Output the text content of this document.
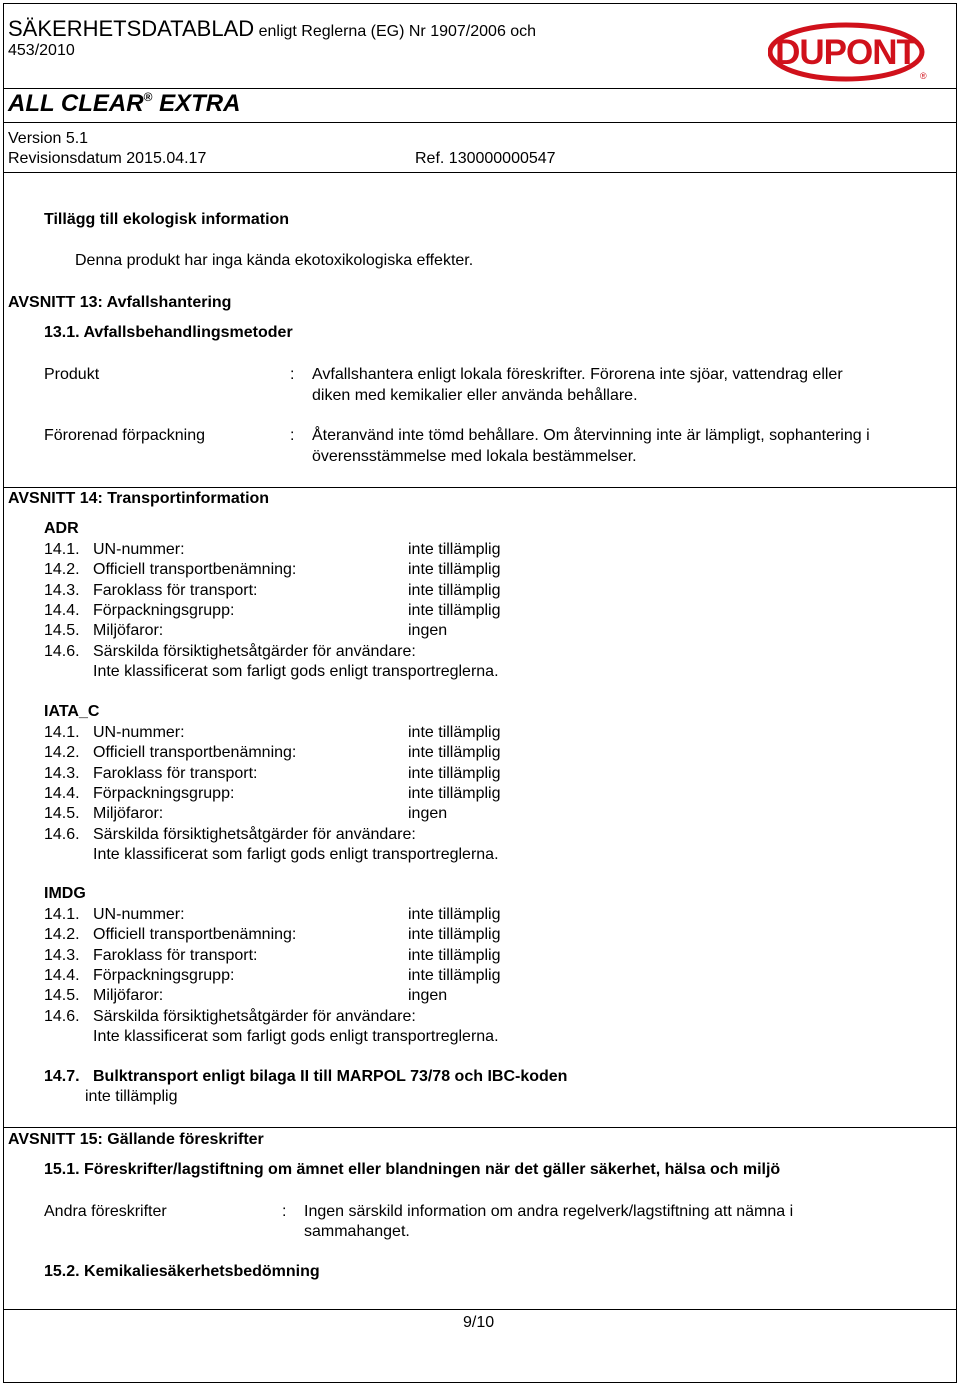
SÄKERHETSDATABLAD enligt Reglerna (EG) Nr 1907/2006 och
453/2010	DUPONT
®
ALL CLEAR® EXTRA
Version 5.1
Revisionsdatum 2015.04.17	Ref. 130000000547
Tillägg till ekologisk information
Denna produkt har inga kända ekotoxikologiska effekter.
AVSNITT 13: Avfallshantering
13.1. Avfallsbehandlingsmetoder
Produkt	: Avfallshantera enligt lokala föreskrifter. Förorena inte sjöar, vattendrag eller
diken med kemikalier eller använda behållare.
Förorenad förpackning	: Återanvänd inte tömd behållare. Om återvinning inte är lämpligt, sophantering i
överensstämmelse med lokala bestämmelser.
AVSNITT 14: Transportinformation
ADR
14.1. UN-nummer:	inte tillämplig
14.2. Officiell transportbenämning:	inte tillämplig
14.3. Faroklass för transport:	inte tillämplig
14.4. Förpackningsgrupp:	inte tillämplig
14.5. Miljöfaror:	ingen
14.6. Särskilda försiktighetsåtgärder för användare:
Inte klassificerat som farligt gods enligt transportreglerna.
IATA_C
14.1. UN-nummer:	inte tillämplig
14.2. Officiell transportbenämning:	inte tillämplig
14.3. Faroklass för transport:	inte tillämplig
14.4. Förpackningsgrupp:	inte tillämplig
14.5. Miljöfaror:	ingen
14.6. Särskilda försiktighetsåtgärder för användare:
Inte klassificerat som farligt gods enligt transportreglerna.
IMDG
14.1. UN-nummer:	inte tillämplig
14.2. Officiell transportbenämning:	inte tillämplig
14.3. Faroklass för transport:	inte tillämplig
14.4. Förpackningsgrupp:	inte tillämplig
14.5. Miljöfaror:	ingen
14.6. Särskilda försiktighetsåtgärder för användare:
Inte klassificerat som farligt gods enligt transportreglerna.
14.7. Bulktransport enligt bilaga II till MARPOL 73/78 och IBC-koden
inte tillämplig
AVSNITT 15: Gällande föreskrifter
15.1. Föreskrifter/lagstiftning om ämnet eller blandningen när det gäller säkerhet, hälsa och miljö
Andra föreskrifter	: Ingen särskild information om andra regelverk/lagstiftning att nämna i
sammahanget.
15.2. Kemikaliesäkerhetsbedömning
9/10
